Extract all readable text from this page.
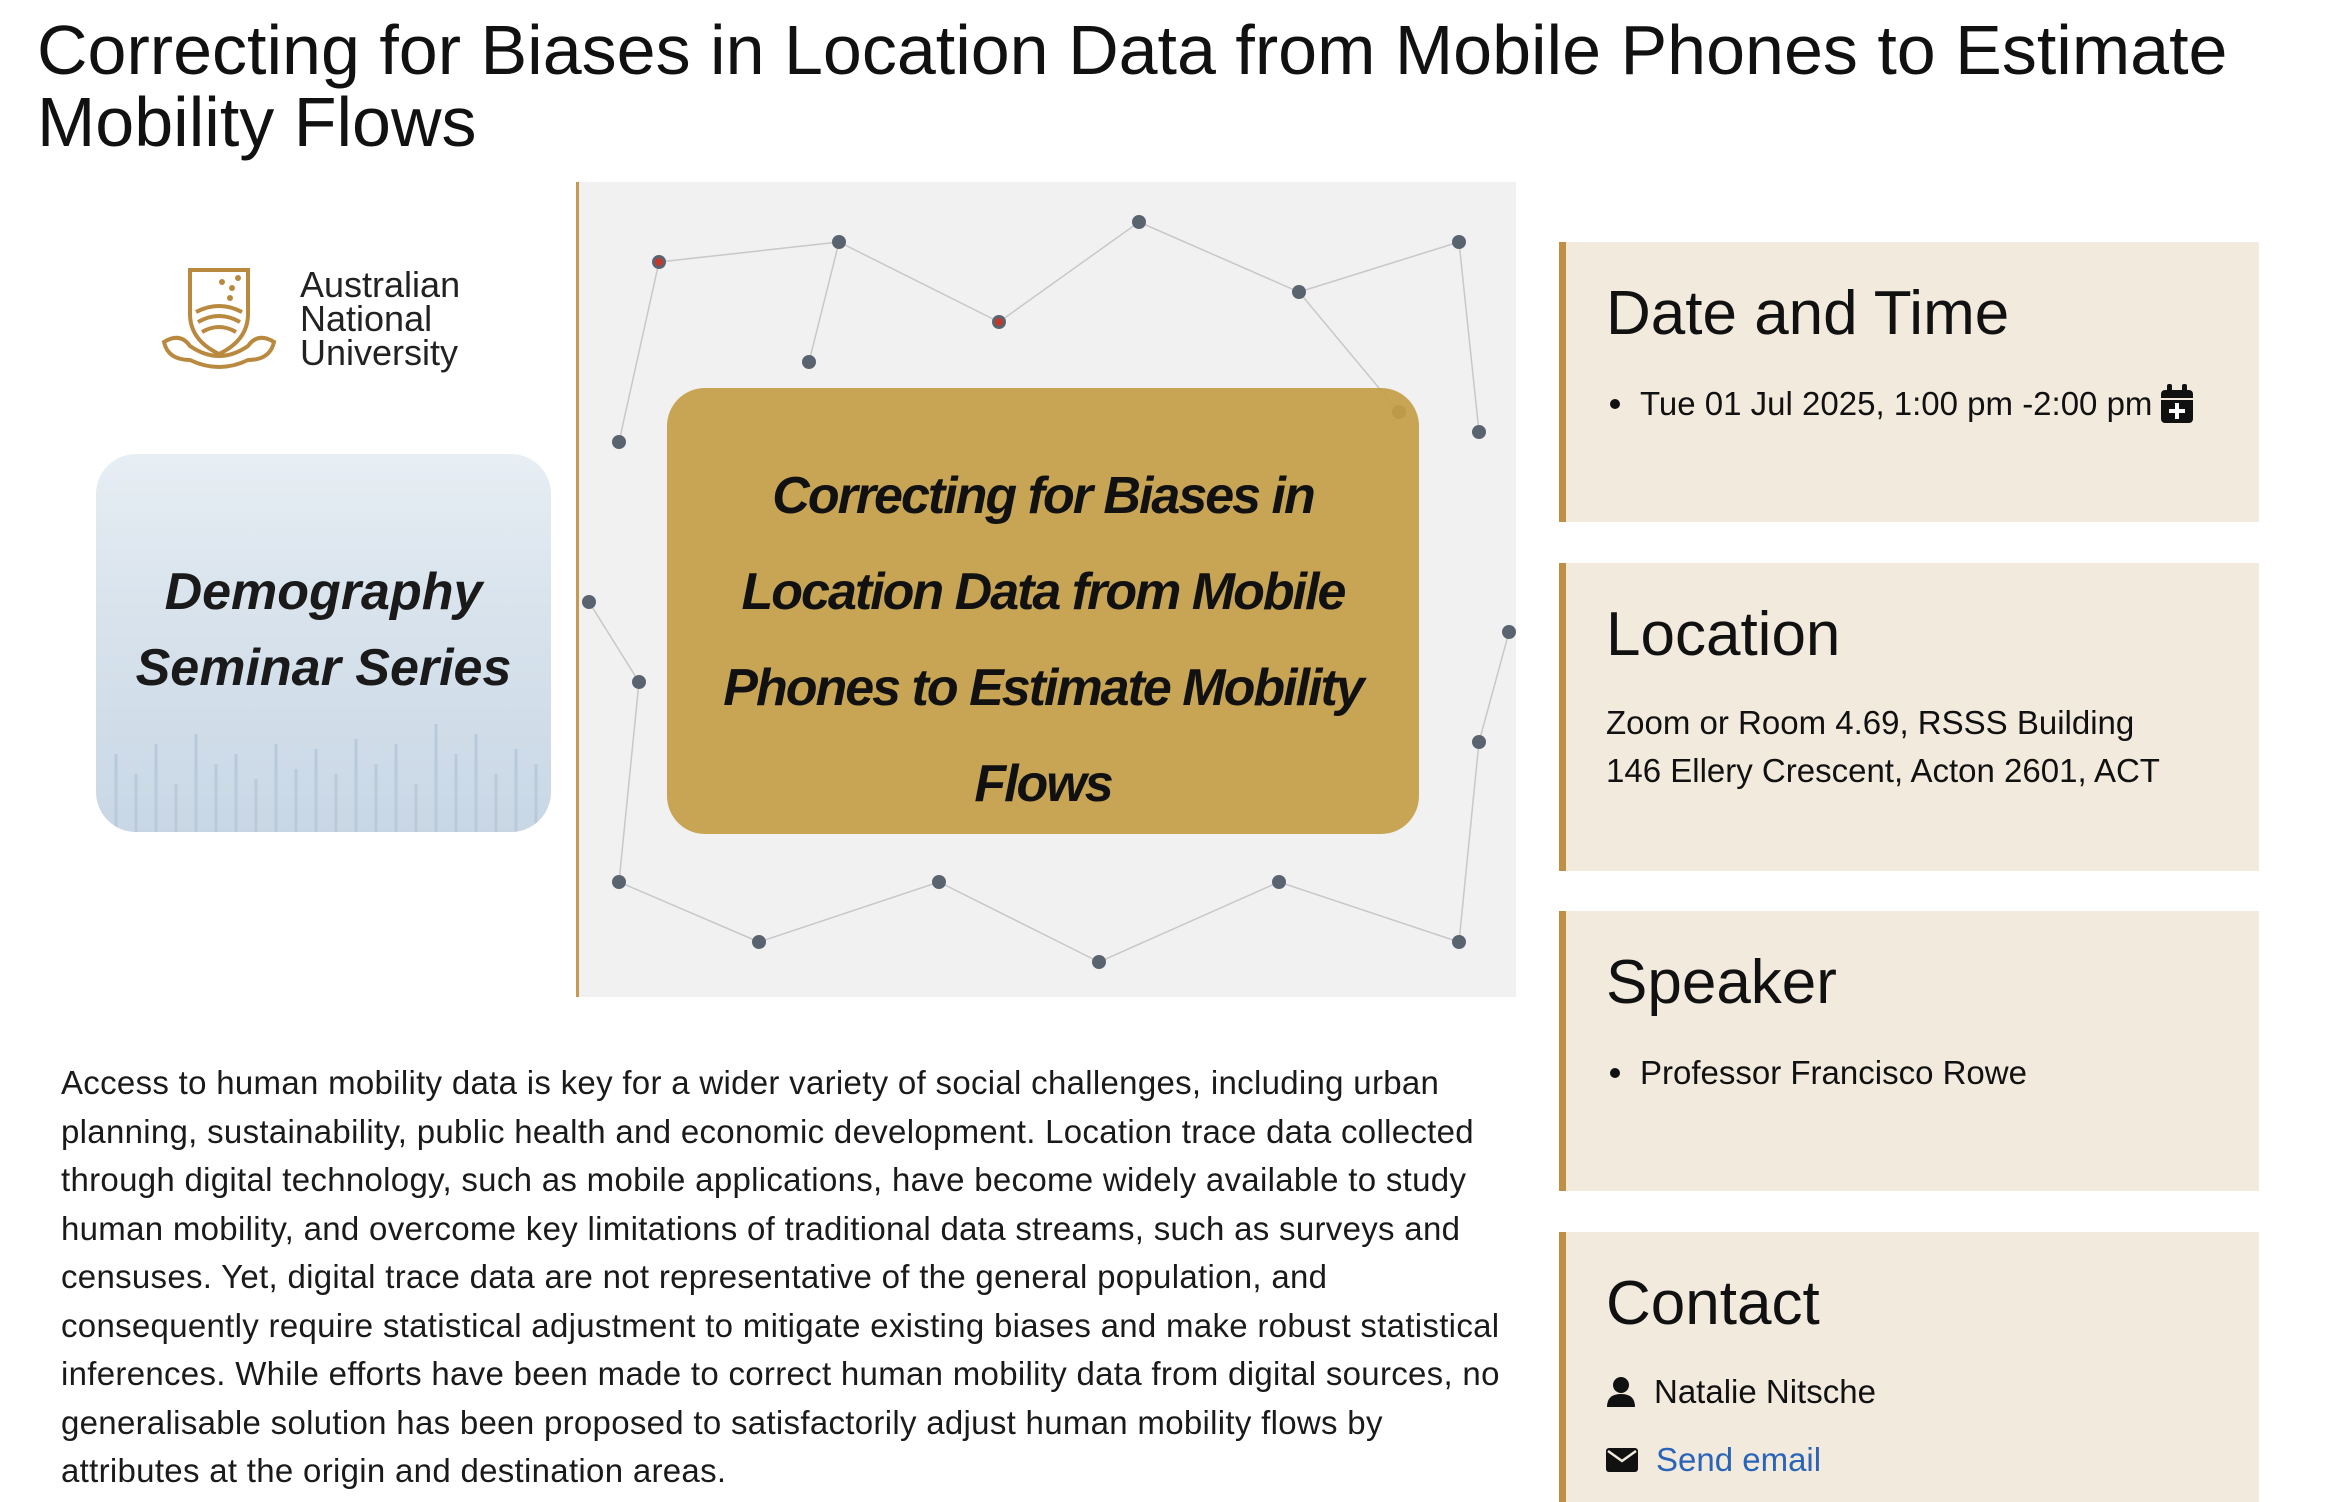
Correcting for Biases in Location Data from Mobile Phones to Estimate Mobility Flows
Australian
National
University
Demography
Seminar Series
Correcting for Biases in
Location Data from Mobile
Phones to Estimate Mobility
Flows

Access to human mobility data is key for a wider variety of social challenges, including urban planning, sustainability, public health and economic development. Location trace data collected through digital technology, such as mobile applications, have become widely available to study human mobility, and overcome key limitations of traditional data streams, such as surveys and censuses. Yet, digital trace data are not representative of the general population, and consequently require statistical adjustment to mitigate existing biases and make robust statistical inferences. While efforts have been made to correct human mobility data from digital sources, no generalisable solution has been proposed to satisfactorily adjust human mobility flows by attributes at the origin and destination areas.

Date and Time
Tue 01 Jul 2025, 1:00 pm -2:00 pm
Location
Zoom or Room 4.69, RSSS Building
146 Ellery Crescent, Acton 2601, ACT
Speaker
Professor Francisco Rowe
Contact
Natalie Nitsche
Send email
